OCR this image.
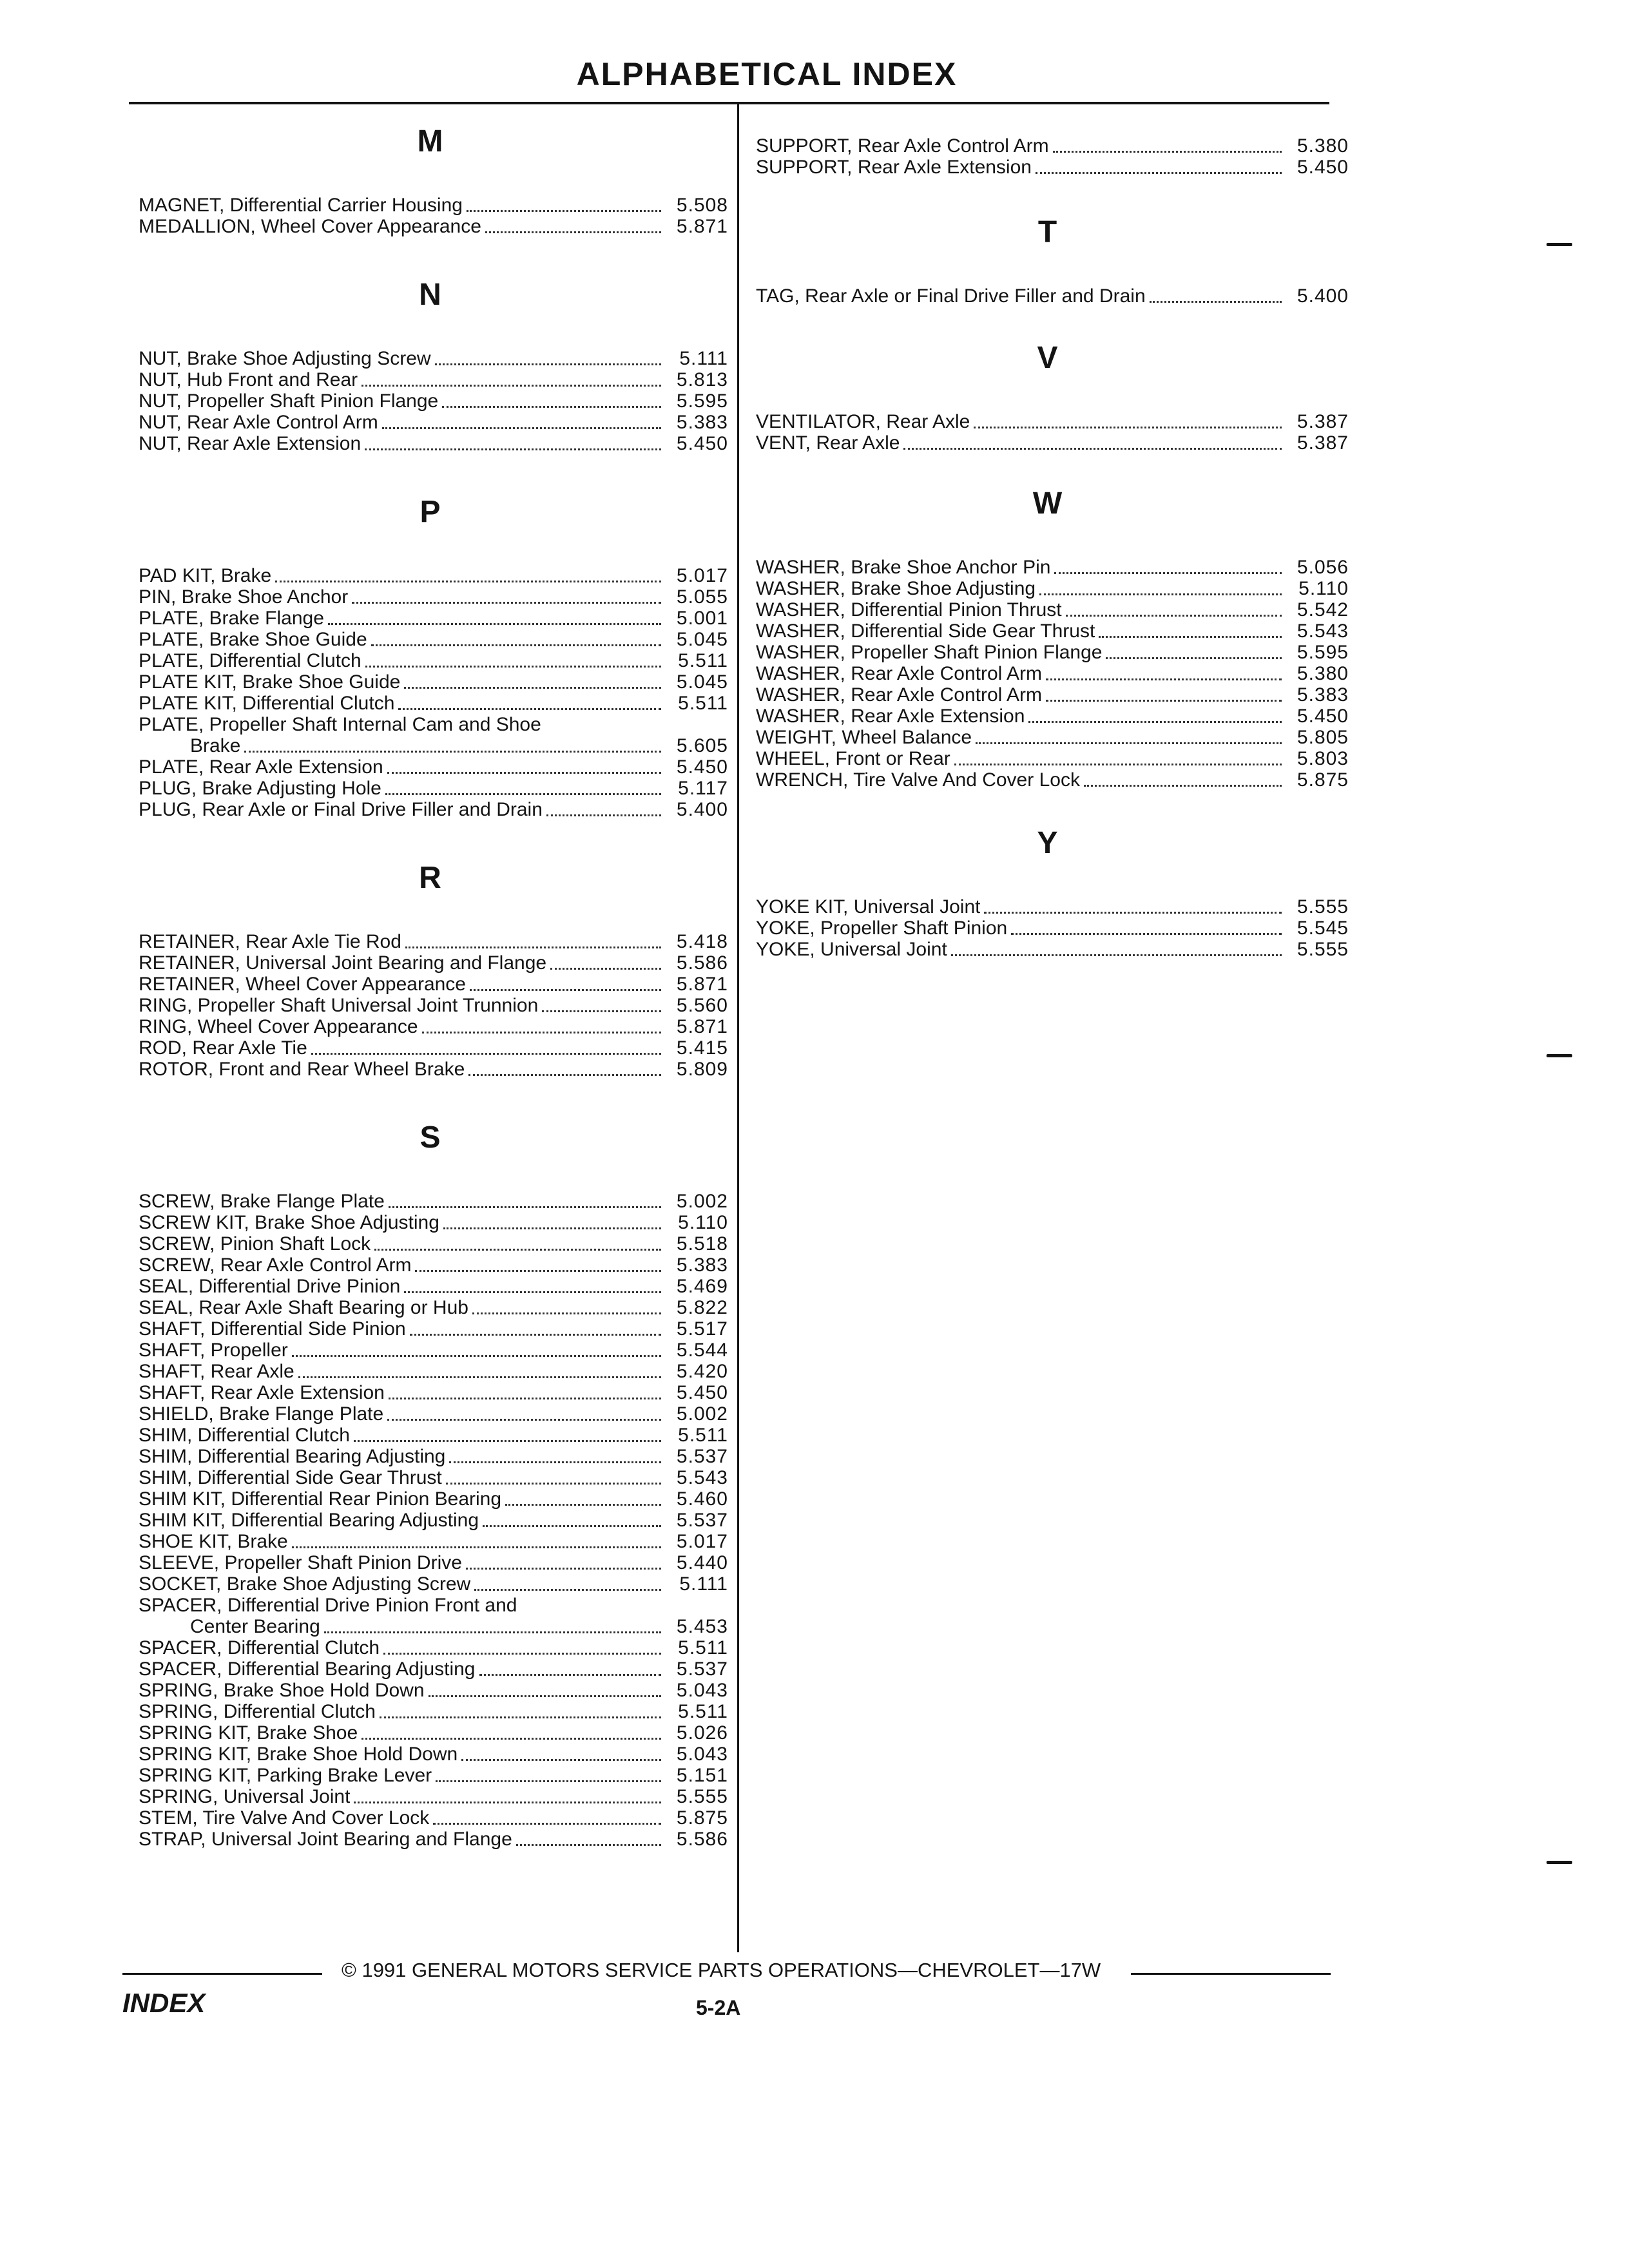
ALPHABETICAL INDEX
M
MAGNET, Differential Carrier Housing	5.508
MEDALLION, Wheel Cover Appearance	5.871
N
NUT, Brake Shoe Adjusting Screw	5.111
NUT, Hub Front and Rear	5.813
NUT, Propeller Shaft Pinion Flange	5.595
NUT, Rear Axle Control Arm	5.383
NUT, Rear Axle Extension	5.450
P
PAD KIT, Brake	5.017
PIN, Brake Shoe Anchor	5.055
PLATE, Brake Flange	5.001
PLATE, Brake Shoe Guide	5.045
PLATE, Differential Clutch	5.511
PLATE KIT, Brake Shoe Guide	5.045
PLATE KIT, Differential Clutch	5.511
PLATE, Propeller Shaft Internal Cam and Shoe
Brake	5.605
PLATE, Rear Axle Extension	5.450
PLUG, Brake Adjusting Hole	5.117
PLUG, Rear Axle or Final Drive Filler and Drain	5.400
R
RETAINER, Rear Axle Tie Rod	5.418
RETAINER, Universal Joint Bearing and Flange	5.586
RETAINER, Wheel Cover Appearance	5.871
RING, Propeller Shaft Universal Joint Trunnion	5.560
RING, Wheel Cover Appearance	5.871
ROD, Rear Axle Tie	5.415
ROTOR, Front and Rear Wheel Brake	5.809
S
SCREW, Brake Flange Plate	5.002
SCREW KIT, Brake Shoe Adjusting	5.110
SCREW, Pinion Shaft Lock	5.518
SCREW, Rear Axle Control Arm	5.383
SEAL, Differential Drive Pinion	5.469
SEAL, Rear Axle Shaft Bearing or Hub	5.822
SHAFT, Differential Side Pinion	5.517
SHAFT, Propeller	5.544
SHAFT, Rear Axle	5.420
SHAFT, Rear Axle Extension	5.450
SHIELD, Brake Flange Plate	5.002
SHIM, Differential Clutch	5.511
SHIM, Differential Bearing Adjusting	5.537
SHIM, Differential Side Gear Thrust	5.543
SHIM KIT, Differential Rear Pinion Bearing	5.460
SHIM KIT, Differential Bearing Adjusting	5.537
SHOE KIT, Brake	5.017
SLEEVE, Propeller Shaft Pinion Drive	5.440
SOCKET, Brake Shoe Adjusting Screw	5.111
SPACER, Differential Drive Pinion Front and
Center Bearing	5.453
SPACER, Differential Clutch	5.511
SPACER, Differential Bearing Adjusting	5.537
SPRING, Brake Shoe Hold Down	5.043
SPRING, Differential Clutch	5.511
SPRING KIT, Brake Shoe	5.026
SPRING KIT, Brake Shoe Hold Down	5.043
SPRING KIT, Parking Brake Lever	5.151
SPRING, Universal Joint	5.555
STEM, Tire Valve And Cover Lock	5.875
STRAP, Universal Joint Bearing and Flange	5.586
SUPPORT, Rear Axle Control Arm	5.380
SUPPORT, Rear Axle Extension	5.450
T
TAG, Rear Axle or Final Drive Filler and Drain	5.400
V
VENTILATOR, Rear Axle	5.387
VENT, Rear Axle	5.387
W
WASHER, Brake Shoe Anchor Pin	5.056
WASHER, Brake Shoe Adjusting	5.110
WASHER, Differential Pinion Thrust	5.542
WASHER, Differential Side Gear Thrust	5.543
WASHER, Propeller Shaft Pinion Flange	5.595
WASHER, Rear Axle Control Arm	5.380
WASHER, Rear Axle Control Arm	5.383
WASHER, Rear Axle Extension	5.450
WEIGHT, Wheel Balance	5.805
WHEEL, Front or Rear	5.803
WRENCH, Tire Valve And Cover Lock	5.875
Y
YOKE KIT, Universal Joint	5.555
YOKE, Propeller Shaft Pinion	5.545
YOKE, Universal Joint	5.555
© 1991 GENERAL MOTORS SERVICE PARTS OPERATIONS—CHEVROLET—17W
INDEX	5-2A
